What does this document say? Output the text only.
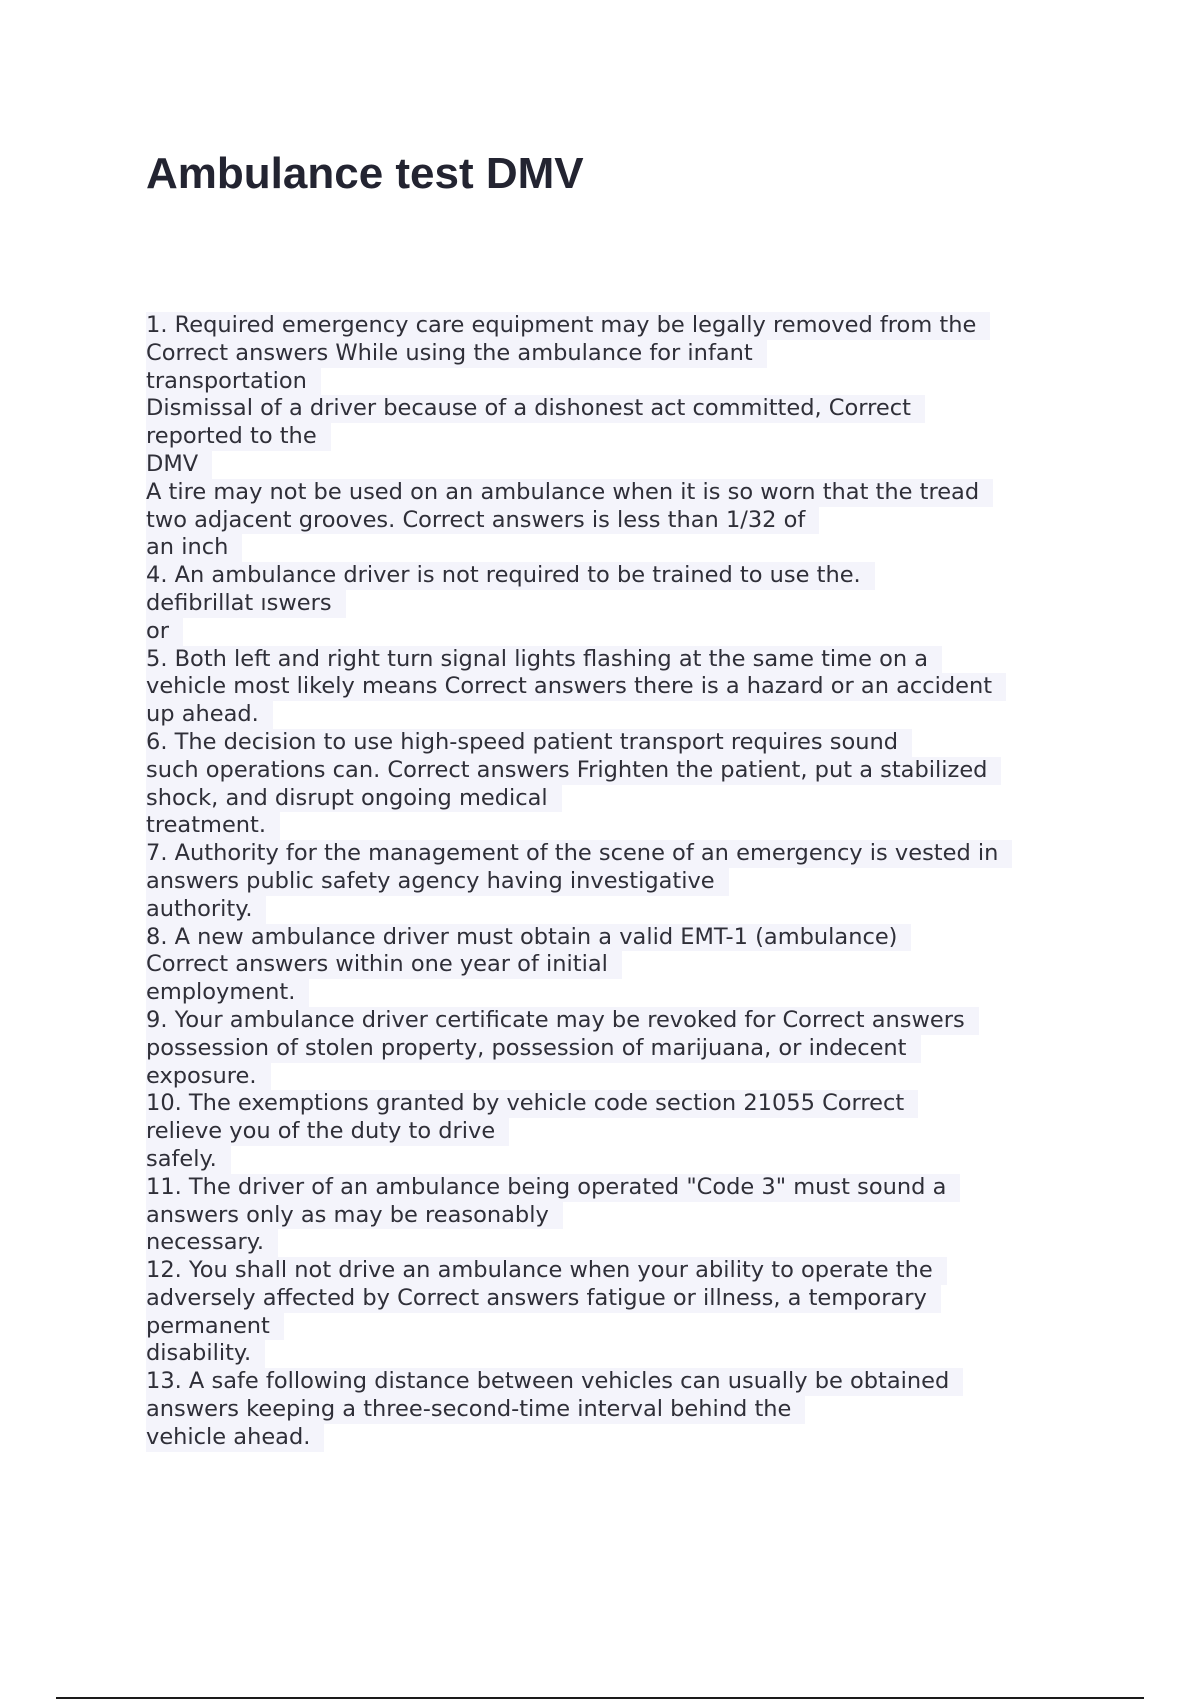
Ambulance test DMV
1. Required emergency care equipment may be legally removed from the
Correct answers While using the ambulance for infant
transportation
Dismissal of a driver because of a dishonest act committed, Correct
reported to the
DMV
A tire may not be used on an ambulance when it is so worn that the tread
two adjacent grooves. Correct answers is less than 1/32 of
an inch
4. An ambulance driver is not required to be trained to use the.
defibrillat ıswers
or
5. Both left and right turn signal lights flashing at the same time on a
vehicle most likely means Correct answers there is a hazard or an accident
up ahead.
6. The decision to use high-speed patient transport requires sound
such operations can. Correct answers Frighten the patient, put a stabilized
shock, and disrupt ongoing medical
treatment.
7. Authority for the management of the scene of an emergency is vested in
answers public safety agency having investigative
authority.
8. A new ambulance driver must obtain a valid EMT-1 (ambulance)
Correct answers within one year of initial
employment.
9. Your ambulance driver certificate may be revoked for Correct answers
possession of stolen property, possession of marijuana, or indecent
exposure.
10. The exemptions granted by vehicle code section 21055 Correct
relieve you of the duty to drive
safely.
11. The driver of an ambulance being operated "Code 3" must sound a
answers only as may be reasonably
necessary.
12. You shall not drive an ambulance when your ability to operate the
adversely affected by Correct answers fatigue or illness, a temporary
permanent
disability.
13. A safe following distance between vehicles can usually be obtained
answers keeping a three-second-time interval behind the
vehicle ahead.
